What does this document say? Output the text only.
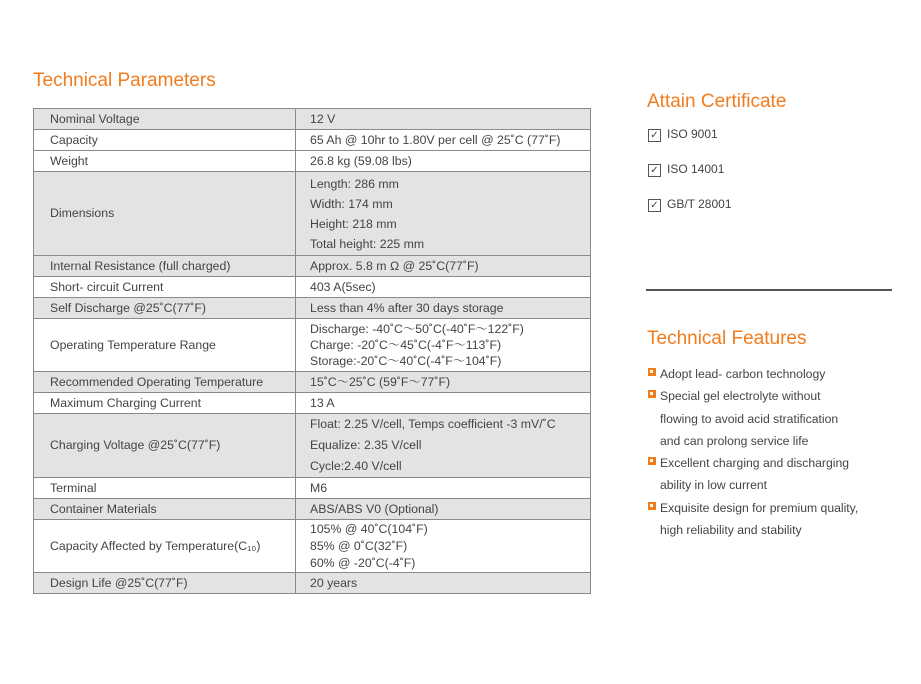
Technical Parameters
Nominal Voltage	12 V

Capacity	65 Ah @ 10hr to 1.80V per cell @ 25˚C (77˚F)

Weight	26.8 kg (59.08 lbs)

Dimensions	Length: 286 mm
Width: 174 mm
Height: 218 mm
Total height: 225 mm

Internal Resistance (full charged)	Approx. 5.8 m Ω @ 25˚C(77˚F)

Short- circuit Current	403 A(5sec)

Self Discharge @25˚C(77˚F)	Less than 4% after 30 days storage

Operating Temperature Range	Discharge: -40˚C～50˚C(-40˚F～122˚F)
Charge: -20˚C～45˚C(-4˚F～113˚F)
Storage:-20˚C～40˚C(-4˚F～104˚F)

Recommended Operating Temperature	15˚C～25˚C (59˚F～77˚F)

Maximum Charging Current	13 A

Charging Voltage @25˚C(77˚F)	Float: 2.25 V/cell, Temps coefficient -3 mV/˚C
Equalize: 2.35 V/cell
Cycle:2.40 V/cell

Terminal	M6

Container Materials	ABS/ABS V0 (Optional)

Capacity Affected by Temperature(C₁₀)	105% @ 40˚C(104˚F)
85% @ 0˚C(32˚F)
60% @ -20˚C(-4˚F)

Design Life @25˚C(77˚F)	20 years
Attain Certificate
✓ ISO 9001
✓ ISO 14001
✓ GB/T 28001
Technical Features
Adopt lead- carbon technology
Special gel electrolyte without
flowing to avoid acid stratification
and can prolong service life
Excellent charging and discharging
ability in low current
Exquisite design for premium quality,
high reliability and stability
